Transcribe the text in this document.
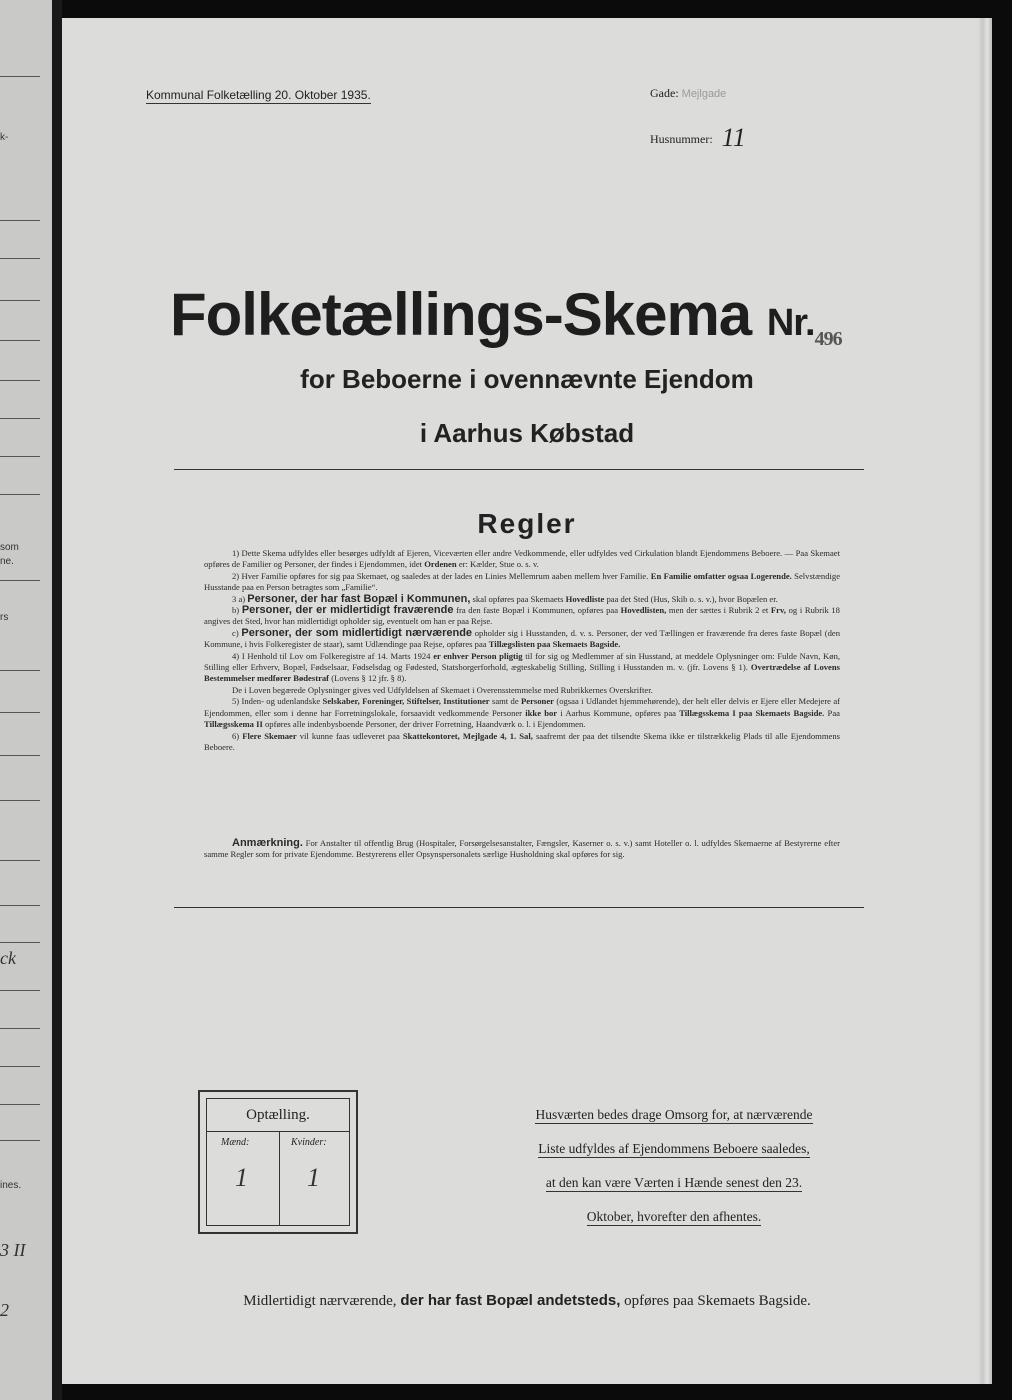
k-
som
ne.
rs
ck
ines.
3 II
2
Kommunal Folketælling 20. Oktober 1935.	Gade: Mejlgade
Husnummer: 11
Folketællings-Skema Nr.496
for Beboerne i ovennævnte Ejendom
i Aarhus Købstad
Regler

1) Dette Skema udfyldes eller besørges udfyldt af Ejeren, Viceværten eller andre Vedkommende, eller udfyldes ved Cirkulation blandt Ejendommens Beboere. — Paa Skemaet opføres de Familier og Personer, der findes i Ejendommen, idet Ordenen er: Kælder, Stue o. s. v.

2) Hver Familie opføres for sig paa Skemaet, og saaledes at der lades en Linies Mellemrum aaben mellem hver Familie. En Familie omfatter ogsaa Logerende. Selvstændige Husstande paa en Person betragtes som „Familie“.

3 a) Personer, der har fast Bopæl i Kommunen, skal opføres paa Skemaets Hovedliste paa det Sted (Hus, Skib o. s. v.), hvor Bopælen er.

b) Personer, der er midlertidigt fraværende fra den faste Bopæl i Kommunen, opføres paa Hovedlisten, men der sættes i Rubrik 2 et Frv, og i Rubrik 18 angives det Sted, hvor han midlertidigt opholder sig, eventuelt om han er paa Rejse.

c) Personer, der som midlertidigt nærværende opholder sig i Husstanden, d. v. s. Personer, der ved Tællingen er fraværende fra deres faste Bopæl (den Kommune, i hvis Folkeregister de staar), samt Udlændinge paa Rejse, opføres paa Tillægslisten paa Skemaets Bagside.

4) I Henhold til Lov om Folkeregistre af 14. Marts 1924 er enhver Person pligtig til for sig og Medlemmer af sin Husstand, at meddele Oplysninger om: Fulde Navn, Køn, Stilling eller Erhverv, Bopæl, Fødselsaar, Fødselsdag og Fødested, Statsborgerforhold, ægteskabelig Stilling, Stilling i Husstanden m. v. (jfr. Lovens § 1). Overtrædelse af Lovens Bestemmelser medfører Bødestraf (Lovens § 12 jfr. § 8).

De i Loven begærede Oplysninger gives ved Udfyldelsen af Skemaet i Overensstemmelse med Rubrikkernes Overskrifter.

5) Inden- og udenlandske Selskaber, Foreninger, Stiftelser, Institutioner samt de Personer (ogsaa i Udlandet hjemmehørende), der helt eller delvis er Ejere eller Medejere af Ejendommen, eller som i denne har Forretningslokale, forsaavidt vedkommende Personer ikke bor i Aarhus Kommune, opføres paa Tillægsskema I paa Skemaets Bagside. Paa Tillægsskema II opføres alle indenbysboende Personer, der driver Forretning, Haandværk o. l. i Ejendommen.

6) Flere Skemaer vil kunne faas udleveret paa Skattekontoret, Mejlgade 4, 1. Sal, saafremt der paa det tilsendte Skema ikke er tilstrækkelig Plads til alle Ejendommens Beboere.

Anmærkning. For Anstalter til offentlig Brug (Hospitaler, Forsørgelsesanstalter, Fængsler, Kaserner o. s. v.) samt Hoteller o. l. udfyldes Skemaerne af Bestyrerne efter samme Regler som for private Ejendomme. Bestyrerens eller Opsynspersonalets særlige Husholdning skal opføres for sig.

Optælling.
Mænd:	Kvinder:
1 1
Husværten bedes drage Omsorg for, at nærværende
Liste udfyldes af Ejendommens Beboere saaledes,
at den kan være Værten i Hænde senest den 23.
Oktober, hvorefter den afhentes.
Midlertidigt nærværende, der har fast Bopæl andetsteds, opføres paa Skemaets Bagside.
